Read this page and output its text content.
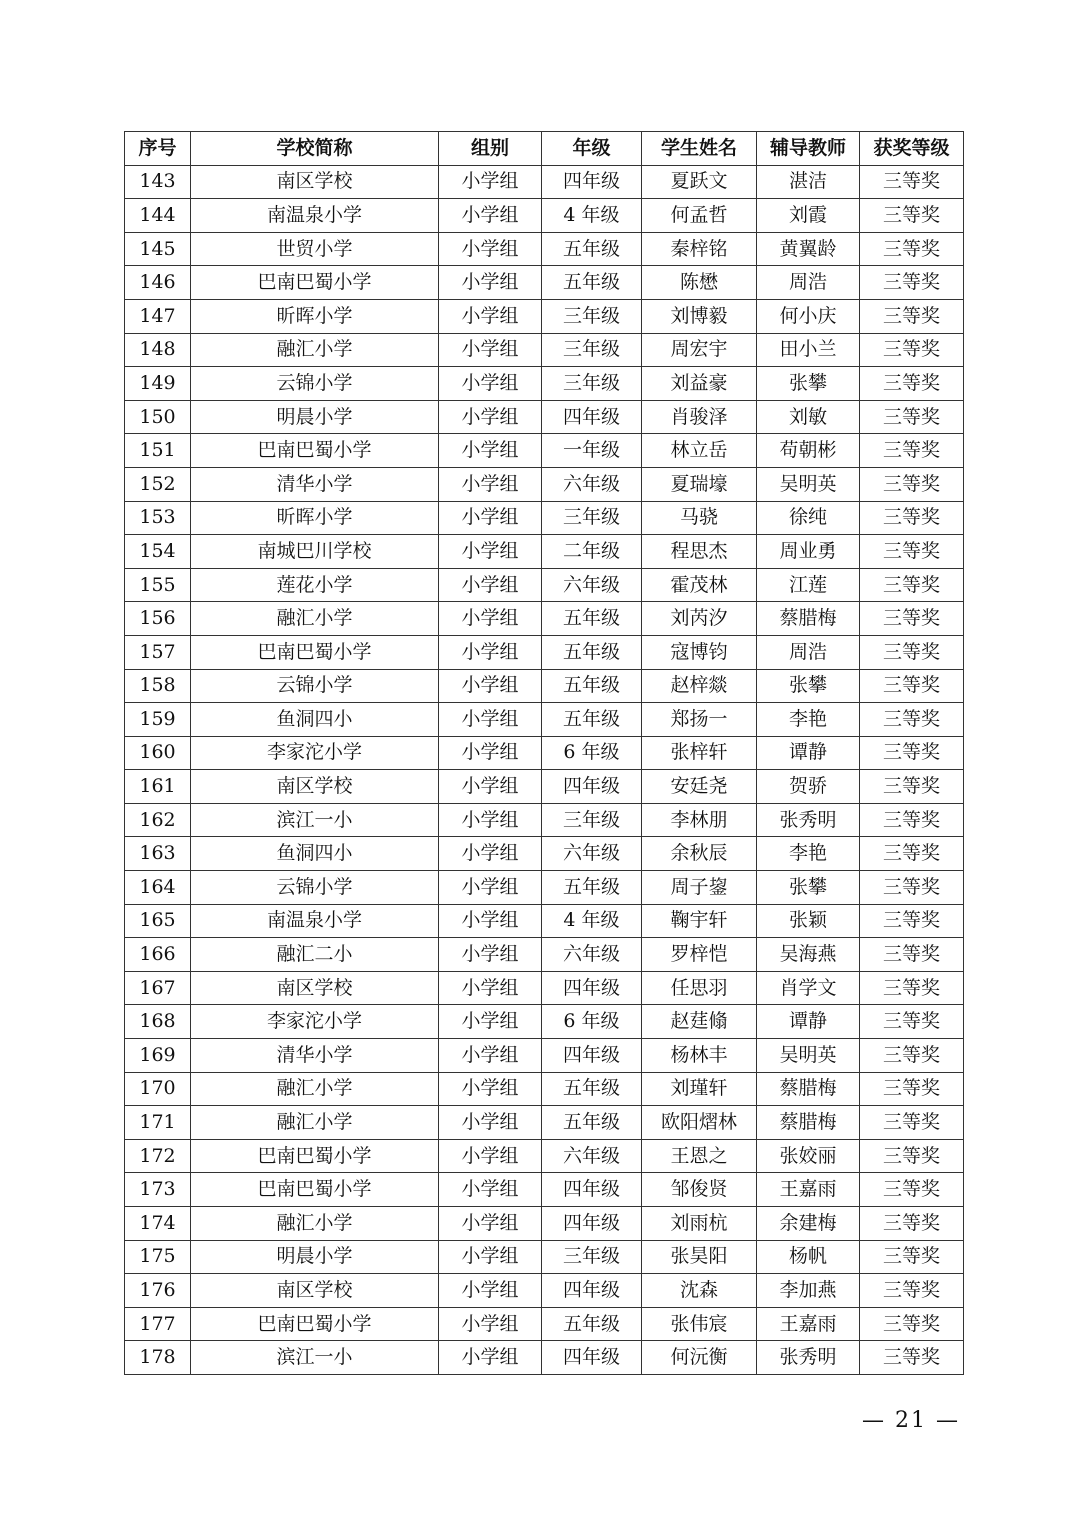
序号	学校简称	组别	年级	学生姓名	辅导教师	获奖等级
143	南区学校	小学组	四年级	夏跃文	湛洁	三等奖
144	南温泉小学	小学组	4 年级	何孟哲	刘霞	三等奖
145	世贸小学	小学组	五年级	秦梓铭	黄翼龄	三等奖
146	巴南巴蜀小学	小学组	五年级	陈懋	周浩	三等奖
147	昕晖小学	小学组	三年级	刘博毅	何小庆	三等奖
148	融汇小学	小学组	三年级	周宏宇	田小兰	三等奖
149	云锦小学	小学组	三年级	刘益豪	张攀	三等奖
150	明晨小学	小学组	四年级	肖骏泽	刘敏	三等奖
151	巴南巴蜀小学	小学组	一年级	林立岳	苟朝彬	三等奖
152	清华小学	小学组	六年级	夏瑞壕	吴明英	三等奖
153	昕晖小学	小学组	三年级	马骁	徐纯	三等奖
154	南城巴川学校	小学组	二年级	程思杰	周业勇	三等奖
155	莲花小学	小学组	六年级	霍茂林	江莲	三等奖
156	融汇小学	小学组	五年级	刘芮汐	蔡腊梅	三等奖
157	巴南巴蜀小学	小学组	五年级	寇博钧	周浩	三等奖
158	云锦小学	小学组	五年级	赵梓燚	张攀	三等奖
159	鱼洞四小	小学组	五年级	郑扬一	李艳	三等奖
160	李家沱小学	小学组	6 年级	张梓轩	谭静	三等奖
161	南区学校	小学组	四年级	安廷尧	贺骄	三等奖
162	滨江一小	小学组	三年级	李林朋	张秀明	三等奖
163	鱼洞四小	小学组	六年级	余秋辰	李艳	三等奖
164	云锦小学	小学组	五年级	周子鋆	张攀	三等奖
165	南温泉小学	小学组	4 年级	鞠宇轩	张颖	三等奖
166	融汇二小	小学组	六年级	罗梓恺	吴海燕	三等奖
167	南区学校	小学组	四年级	任思羽	肖学文	三等奖
168	李家沱小学	小学组	6 年级	赵莛翛	谭静	三等奖
169	清华小学	小学组	四年级	杨林丰	吴明英	三等奖
170	融汇小学	小学组	五年级	刘瑾轩	蔡腊梅	三等奖
171	融汇小学	小学组	五年级	欧阳熠林	蔡腊梅	三等奖
172	巴南巴蜀小学	小学组	六年级	王恩之	张姣丽	三等奖
173	巴南巴蜀小学	小学组	四年级	邹俊贤	王嘉雨	三等奖
174	融汇小学	小学组	四年级	刘雨杭	余建梅	三等奖
175	明晨小学	小学组	三年级	张昊阳	杨帆	三等奖
176	南区学校	小学组	四年级	沈森	李加燕	三等奖
177	巴南巴蜀小学	小学组	五年级	张伟宸	王嘉雨	三等奖
178	滨江一小	小学组	四年级	何沅衡	张秀明	三等奖
— 21 —
